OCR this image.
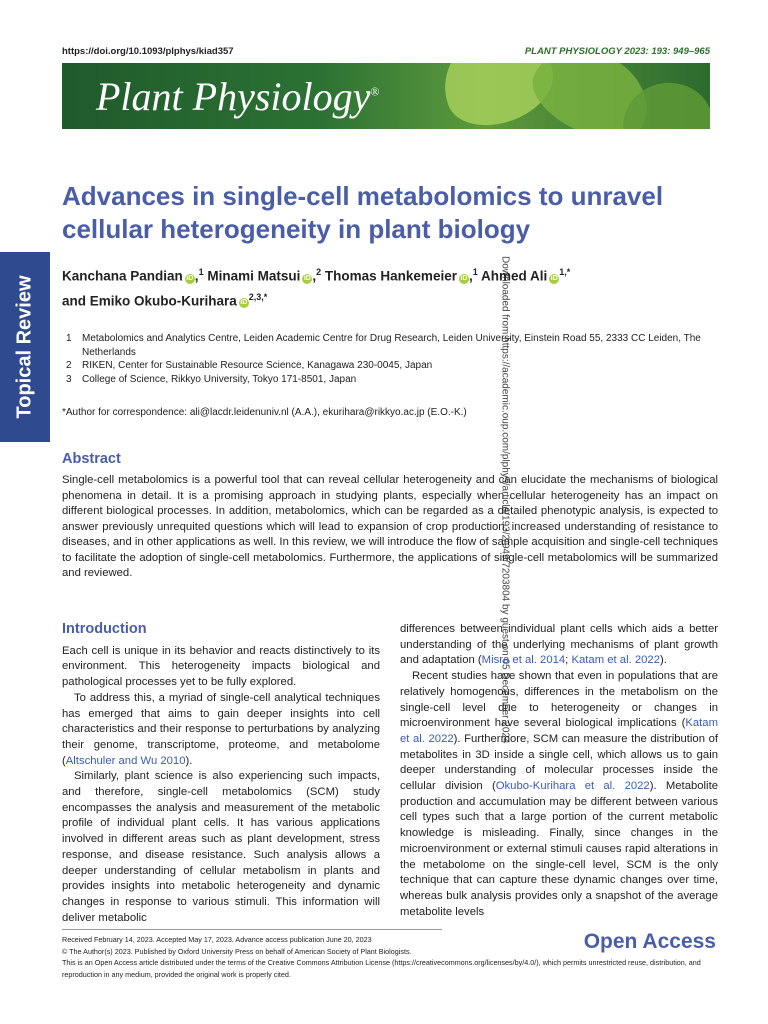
https://doi.org/10.1093/plphys/kiad357	PLANT PHYSIOLOGY 2023: 193: 949–965
Plant Physiology®
Topical Review	Downloaded from https://academic.oup.com/plphys/article/193/2/949/7203804 by guest on 05 December 2024
Advances in single-cell metabolomics to unravel cellular heterogeneity in plant biology
Kanchana Pandian iD ,$^1$ Minami Matsui iD ,$^2$ Thomas Hankemeier iD ,$^1$ Ahmed Ali $iD^{1,*}$
and Emiko Okubo-Kurihara $iD^{2,3,*}$
1	Metabolomics and Analytics Centre, Leiden Academic Centre for Drug Research, Leiden University, Einstein Road 55, 2333 CC Leiden, The Netherlands
2	RIKEN, Center for Sustainable Resource Science, Kanagawa 230-0045, Japan
3	College of Science, Rikkyo University, Tokyo 171-8501, Japan
*Author for correspondence: ali@lacdr.leidenuniv.nl (A.A.), ekurihara@rikkyo.ac.jp (E.O.-K.)
Abstract

Single-cell metabolomics is a powerful tool that can reveal cellular heterogeneity and can elucidate the mechanisms of biological phenomena in detail. It is a promising approach in studying plants, especially when cellular heterogeneity has an impact on different biological processes. In addition, metabolomics, which can be regarded as a detailed phenotypic analysis, is expected to answer previously unrequited questions which will lead to expansion of crop production, increased understanding of resistance to diseases, and in other applications as well. In this review, we will introduce the flow of sample acquisition and single-cell techniques to facilitate the adoption of single-cell metabolomics. Furthermore, the applications of single-cell metabolomics will be summarized and reviewed.

Introduction

Each cell is unique in its behavior and reacts distinctively to its environment. This heterogeneity impacts biological and pathological processes yet to be fully explored.

To address this, a myriad of single-cell analytical techniques has emerged that aims to gain deeper insights into cell characteristics and their response to perturbations by analyzing their genome, transcriptome, proteome, and metabolome (Altschuler and Wu 2010).

Similarly, plant science is also experiencing such impacts, and therefore, single-cell metabolomics (SCM) study encompasses the analysis and measurement of the metabolic profile of individual plant cells. It has various applications involved in different areas such as plant development, stress response, and disease resistance. Such analysis allows a deeper understanding of cellular metabolism in plants and provides insights into metabolic heterogeneity and dynamic changes in response to various stimuli. This information will deliver metabolic

differences between individual plant cells which aids a better understanding of the underlying mechanisms of plant growth and adaptation (Misra et al. 2014; Katam et al. 2022).

Recent studies have shown that even in populations that are relatively homogenous, differences in the metabolism on the single-cell level due to heterogeneity or changes in microenvironment have several biological implications (Katam et al. 2022). Furthermore, SCM can measure the distribution of metabolites in 3D inside a single cell, which allows us to gain deeper understanding of molecular processes inside the cellular division (Okubo-Kurihara et al. 2022). Metabolite production and accumulation may be different between various cell types such that a large portion of the current metabolic knowledge is misleading. Finally, since changes in the microenvironment or external stimuli causes rapid alterations in the metabolome on the single-cell level, SCM is the only technique that can capture these dynamic changes over time, whereas bulk analysis provides only a snapshot of the average metabolite levels

Received February 14, 2023. Accepted May 17, 2023. Advance access publication June 20, 2023
© The Author(s) 2023. Published by Oxford University Press on behalf of American Society of Plant Biologists.
This is an Open Access article distributed under the terms of the Creative Commons Attribution License (https://creativecommons.org/licenses/by/4.0/), which permits unrestricted reuse, distribution, and reproduction in any medium, provided the original work is properly cited.
Open Access
